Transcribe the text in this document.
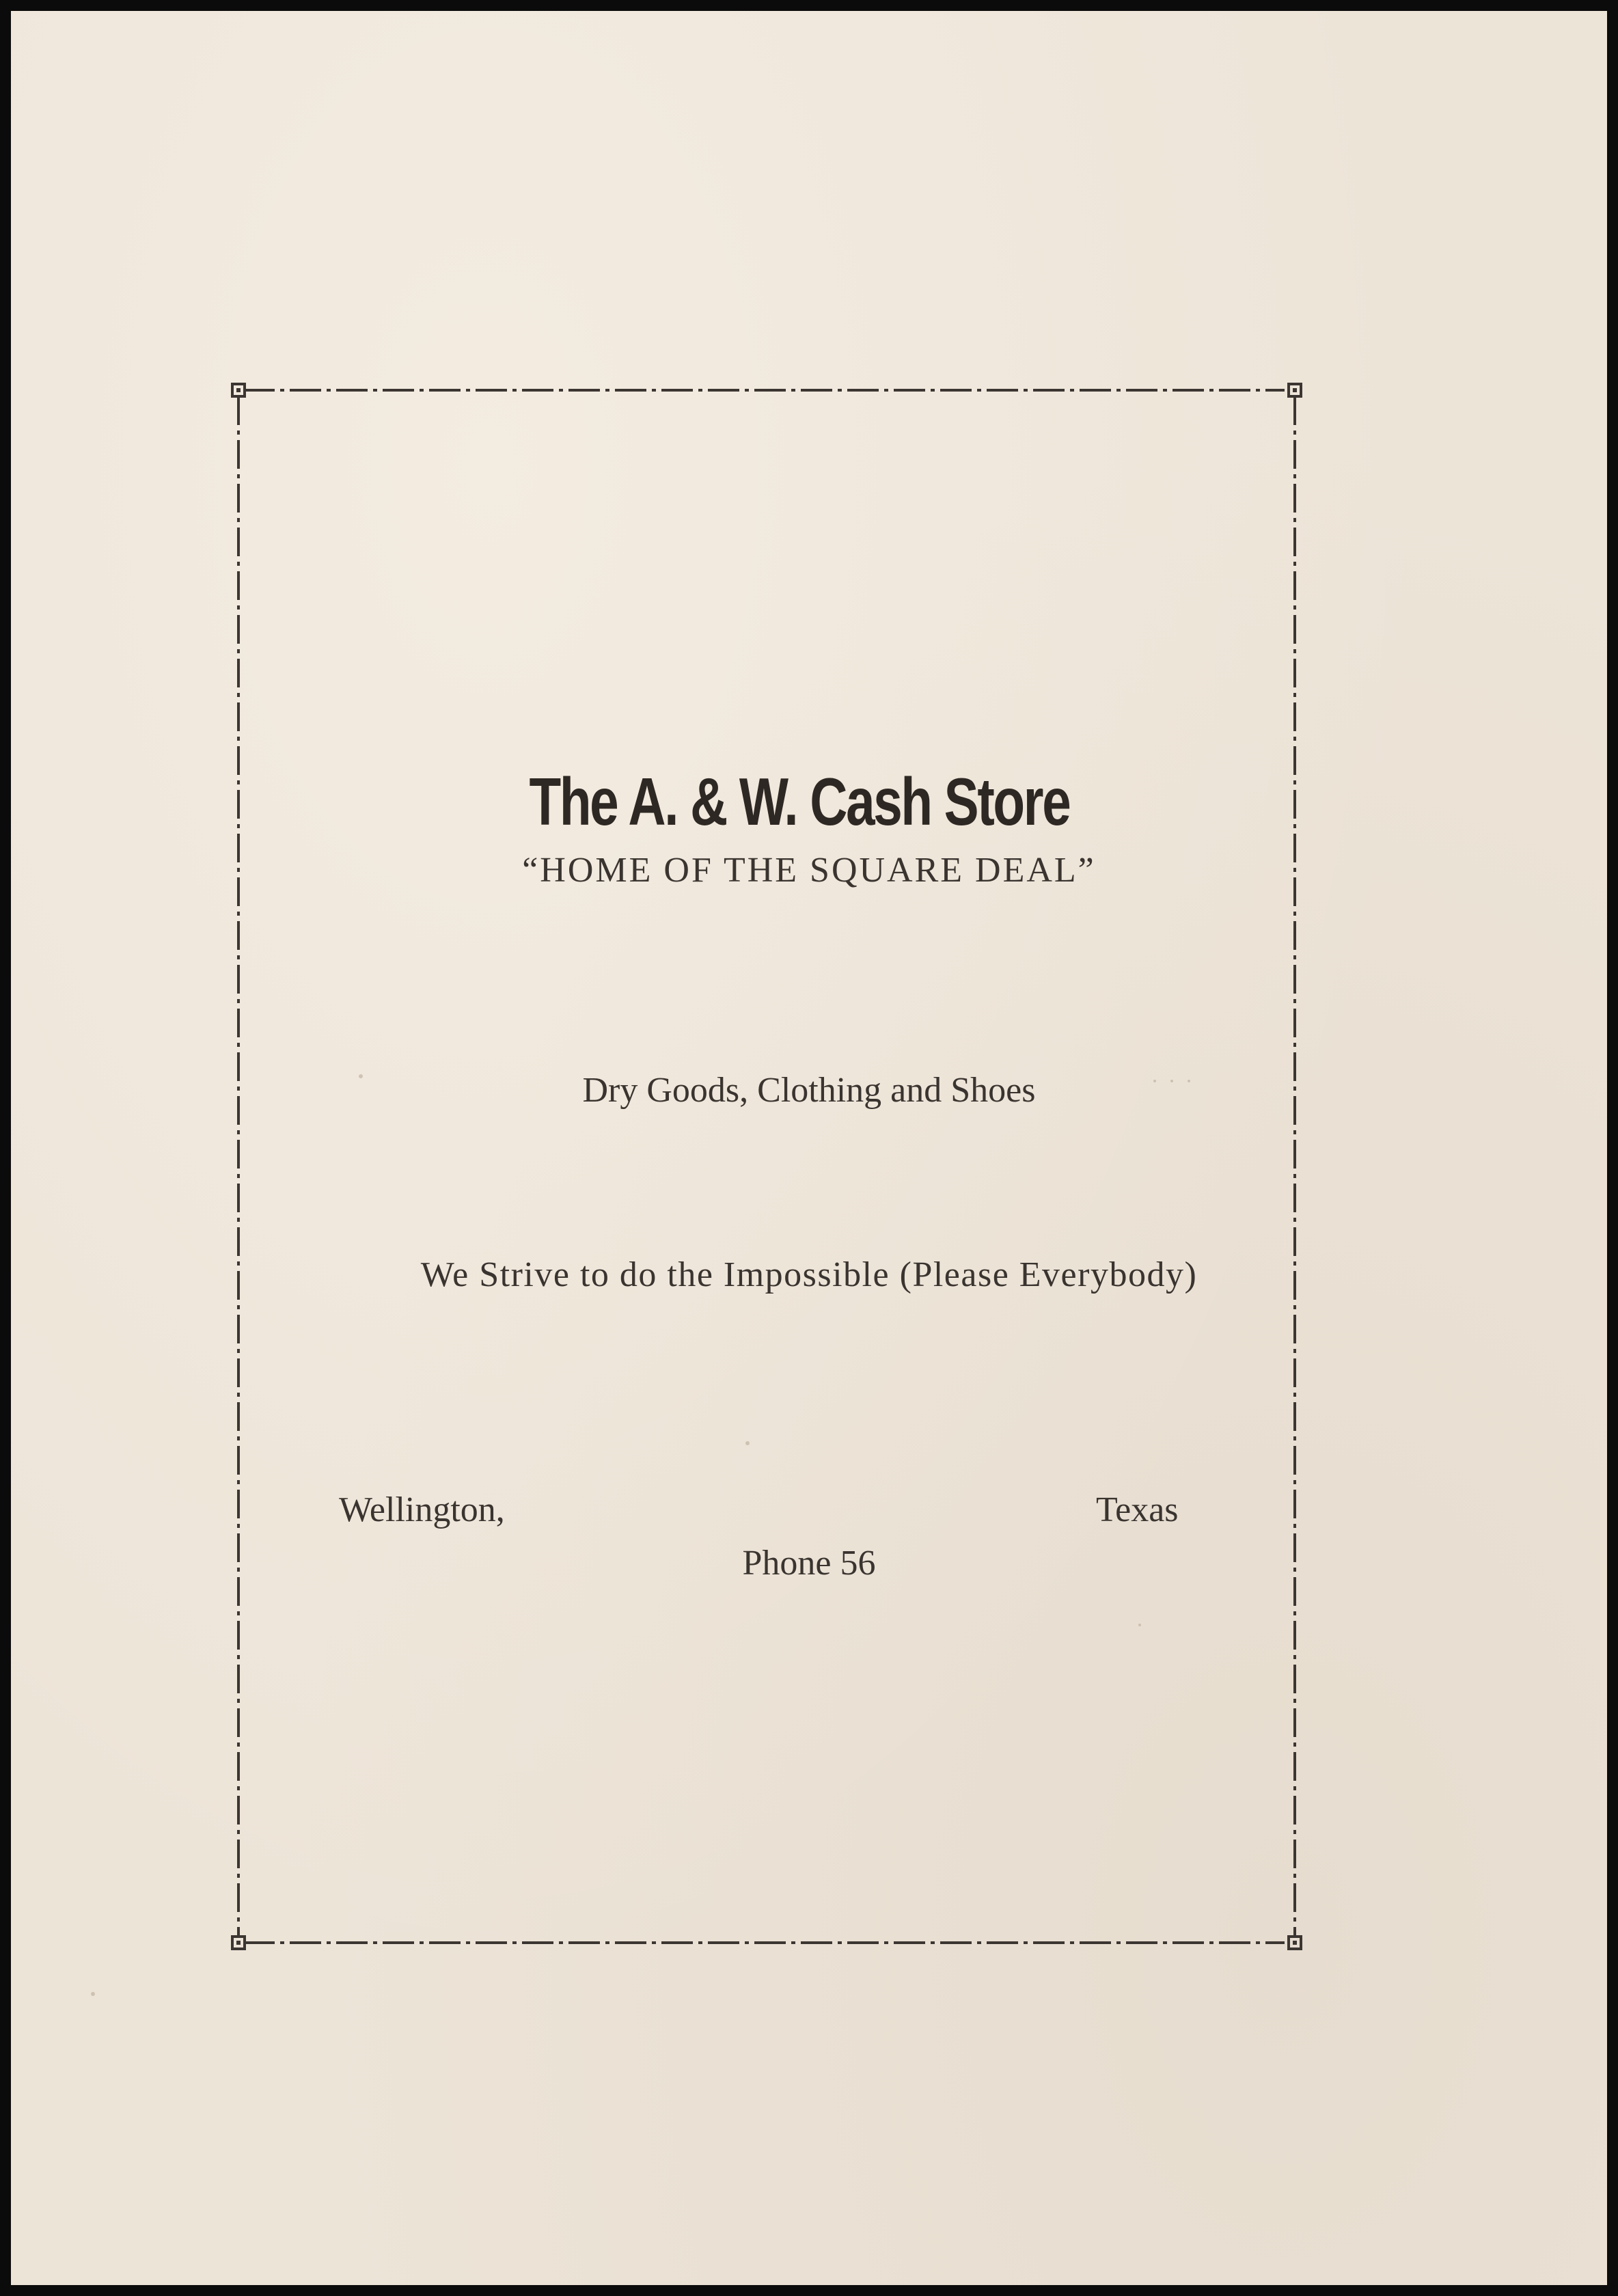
The A. & W. Cash Store
“HOME OF THE SQUARE DEAL”
Dry Goods, Clothing and Shoes
We Strive to do the Impossible (Please Everybody)
Wellington,	Texas
Phone 56
